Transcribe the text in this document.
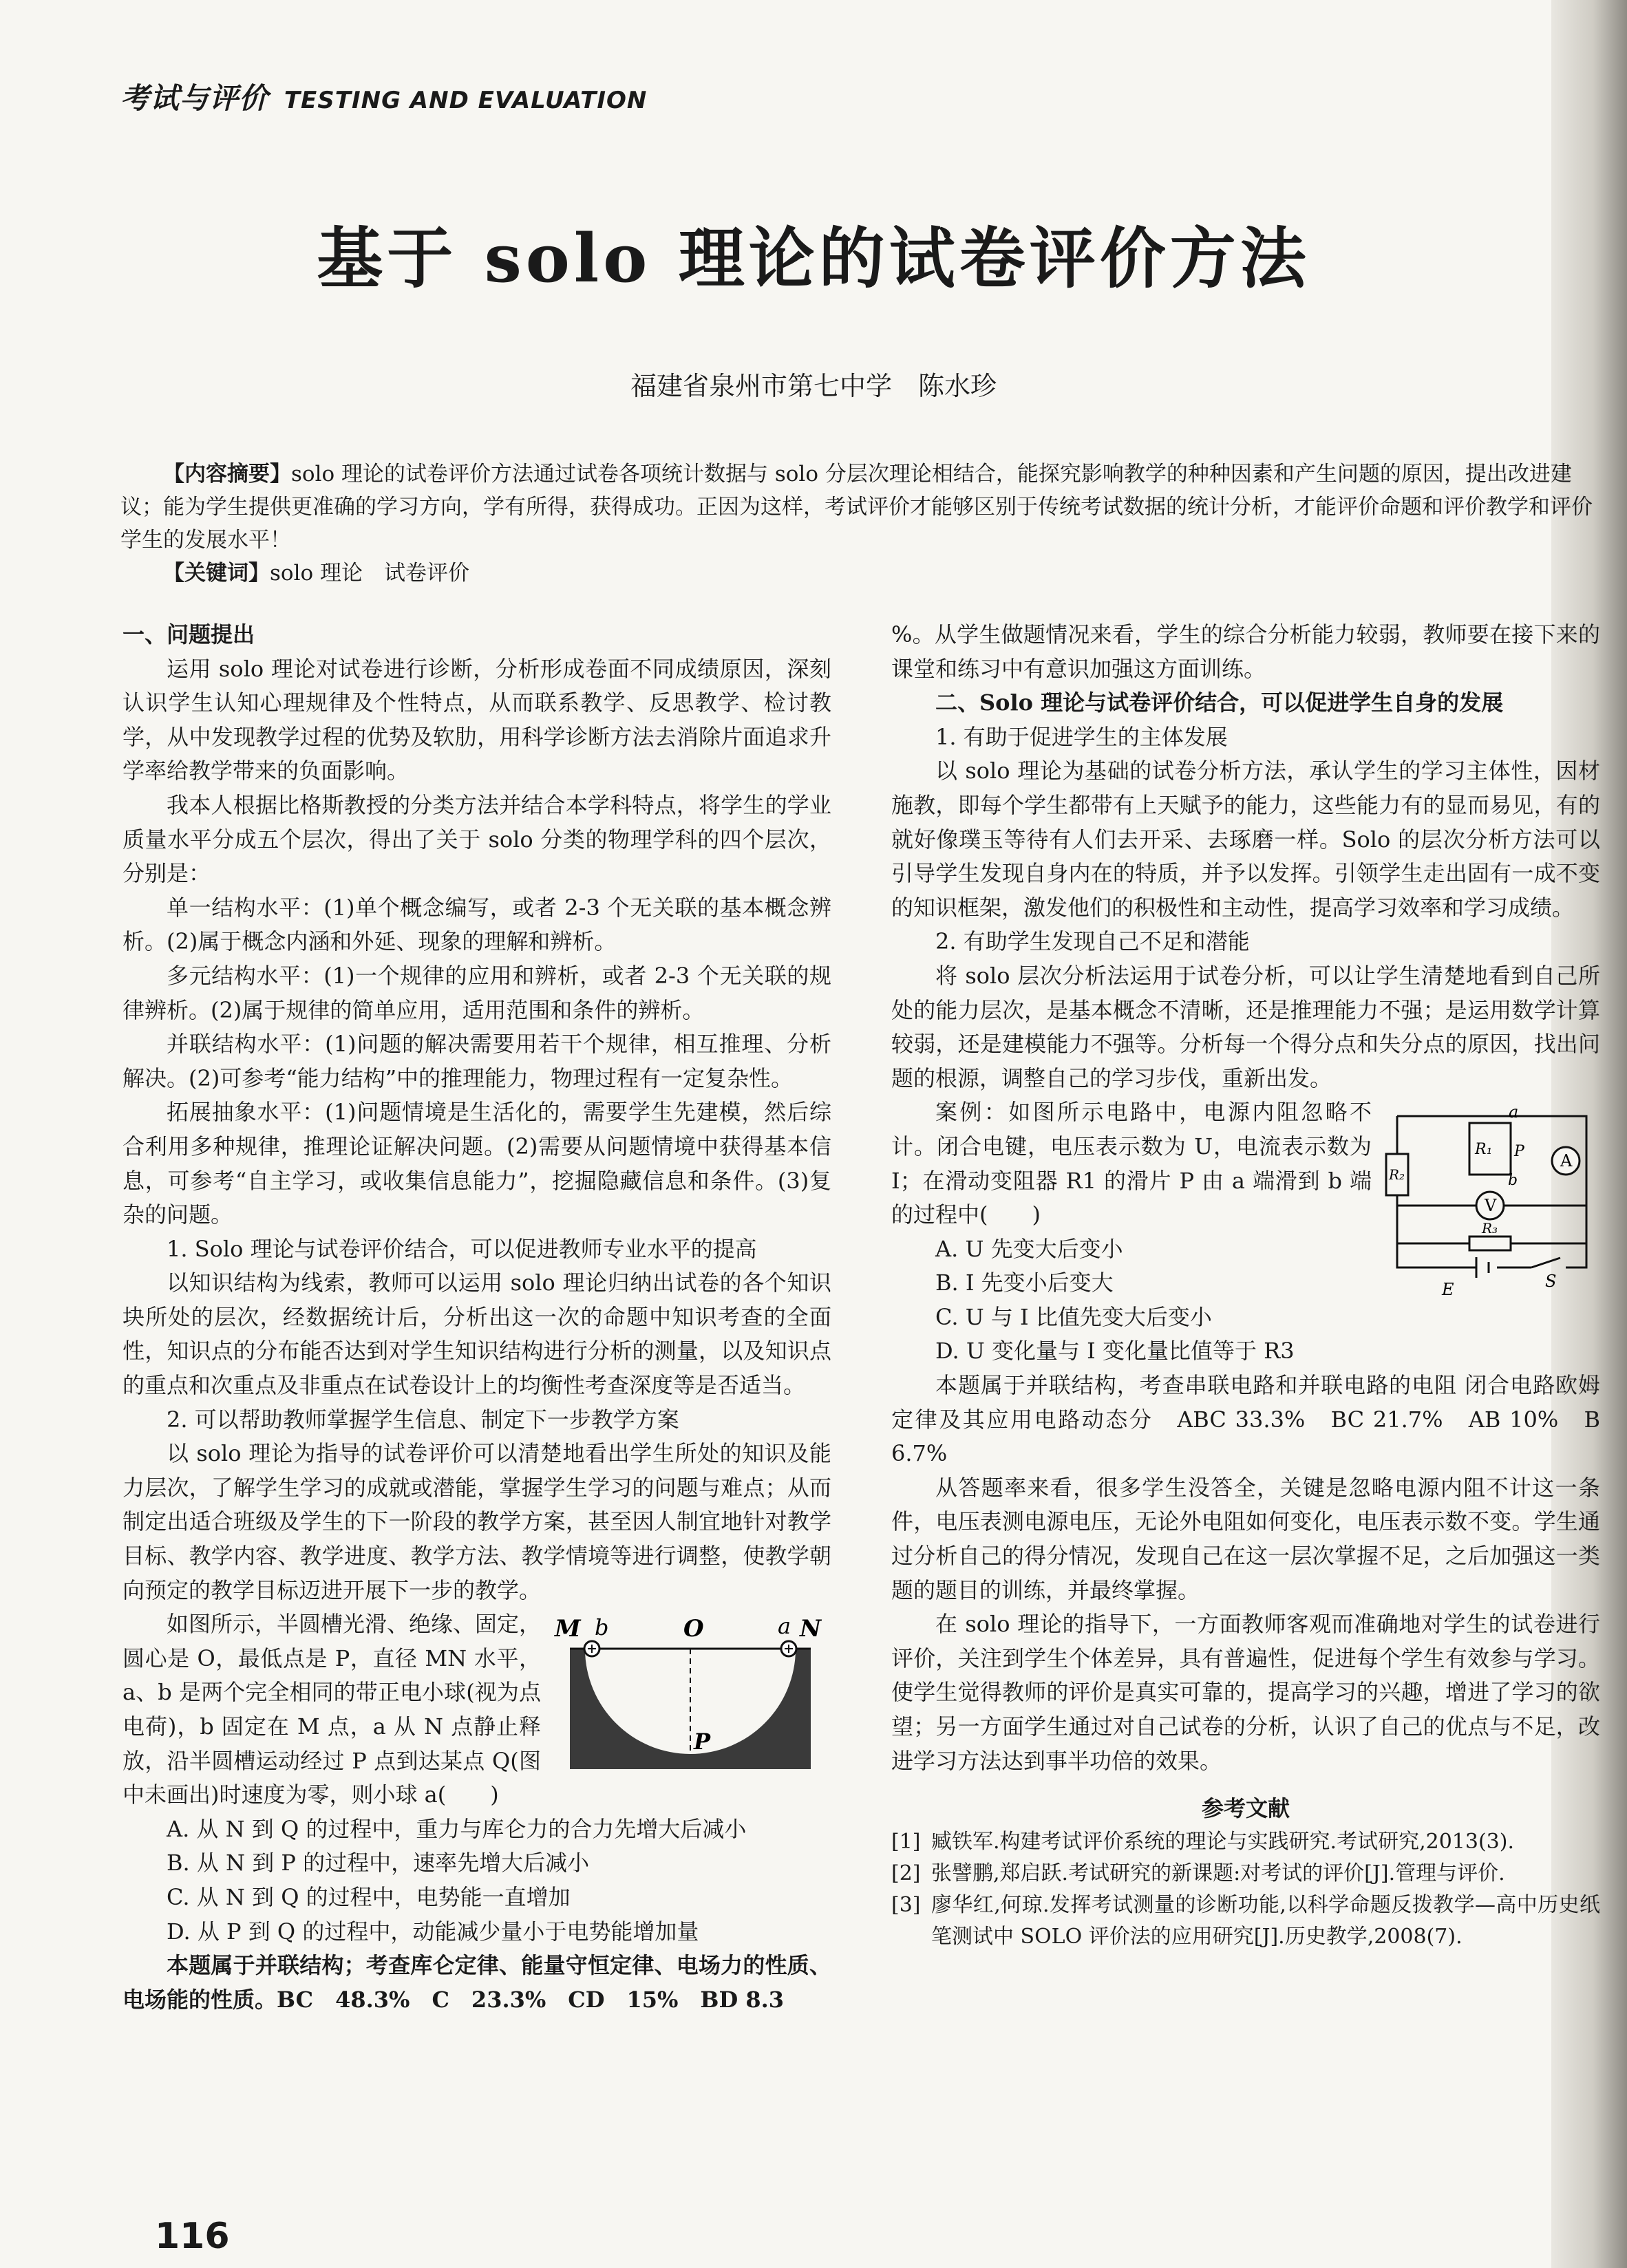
考试与评价 TESTING AND EVALUATION
基于 solo 理论的试卷评价方法
福建省泉州市第七中学　陈水珍

【内容摘要】solo 理论的试卷评价方法通过试卷各项统计数据与 solo 分层次理论相结合，能探究影响教学的种种因素和产生问题的原因，提出改进建议；能为学生提供更准确的学习方向，学有所得，获得成功。正因为这样，考试评价才能够区别于传统考试数据的统计分析，才能评价命题和评价教学和评价学生的发展水平！

【关键词】solo 理论　试卷评价

一、问题提出

运用 solo 理论对试卷进行诊断，分析形成卷面不同成绩原因，深刻认识学生认知心理规律及个性特点，从而联系教学、反思教学、检讨教学，从中发现教学过程的优势及软肋，用科学诊断方法去消除片面追求升学率给教学带来的负面影响。

我本人根据比格斯教授的分类方法并结合本学科特点，将学生的学业质量水平分成五个层次，得出了关于 solo 分类的物理学科的四个层次，分别是：

单一结构水平：(1)单个概念编写，或者 2-3 个无关联的基本概念辨析。(2)属于概念内涵和外延、现象的理解和辨析。

多元结构水平：(1)一个规律的应用和辨析，或者 2-3 个无关联的规律辨析。(2)属于规律的简单应用，适用范围和条件的辨析。

并联结构水平：(1)问题的解决需要用若干个规律，相互推理、分析解决。(2)可参考“能力结构”中的推理能力，物理过程有一定复杂性。

拓展抽象水平：(1)问题情境是生活化的，需要学生先建模，然后综合利用多种规律，推理论证解决问题。(2)需要从问题情境中获得基本信息，可参考“自主学习，或收集信息能力”，挖掘隐藏信息和条件。(3)复杂的问题。

1. Solo 理论与试卷评价结合，可以促进教师专业水平的提高

以知识结构为线索，教师可以运用 solo 理论归纳出试卷的各个知识块所处的层次，经数据统计后，分析出这一次的命题中知识考查的全面性，知识点的分布能否达到对学生知识结构进行分析的测量，以及知识点的重点和次重点及非重点在试卷设计上的均衡性考查深度等是否适当。

2. 可以帮助教师掌握学生信息、制定下一步教学方案

以 solo 理论为指导的试卷评价可以清楚地看出学生所处的知识及能力层次，了解学生学习的成就或潜能，掌握学生学习的问题与难点；从而制定出适合班级及学生的下一阶段的教学方案，甚至因人制宜地针对教学目标、教学内容、教学进度、教学方法、教学情境等进行调整，使教学朝向预定的教学目标迈进开展下一步的教学。

M b	O	a N
P

如图所示，半圆槽光滑、绝缘、固定，圆心是 O，最低点是 P，直径 MN 水平，a、b 是两个完全相同的带正电小球(视为点电荷)，b 固定在 M 点，a 从 N 点静止释放，沿半圆槽运动经过 P 点到达某点 Q(图中未画出)时速度为零，则小球 a(　　)

A. 从 N 到 Q 的过程中，重力与库仑力的合力先增大后减小

B. 从 N 到 P 的过程中，速率先增大后减小

C. 从 N 到 Q 的过程中，电势能一直增加

D. 从 P 到 Q 的过程中，动能减少量小于电势能增加量

本题属于并联结构；考查库仑定律、能量守恒定律、电场力的性质、电场能的性质。BC　48.3%　C　23.3%　CD　15%　BD 8.3

%。从学生做题情况来看，学生的综合分析能力较弱，教师要在接下来的课堂和练习中有意识加强这方面训练。

二、Solo 理论与试卷评价结合，可以促进学生自身的发展

1. 有助于促进学生的主体发展

以 solo 理论为基础的试卷分析方法，承认学生的学习主体性，因材施教，即每个学生都带有上天赋予的能力，这些能力有的显而易见，有的就好像璞玉等待有人们去开采、去琢磨一样。Solo 的层次分析方法可以引导学生发现自身内在的特质，并予以发挥。引领学生走出固有一成不变的知识框架，激发他们的积极性和主动性，提高学习效率和学习成绩。

2. 有助学生发现自己不足和潜能

将 solo 层次分析法运用于试卷分析，可以让学生清楚地看到自己所处的能力层次，是基本概念不清晰，还是推理能力不强；是运用数学计算较弱，还是建模能力不强等。分析每一个得分点和失分点的原因，找出问题的根源，调整自己的学习步伐，重新出发。

a
R₁ P
b
R₂
V
A
R₃
E	S

案例：如图所示电路中，电源内阻忽略不计。闭合电键，电压表示数为 U，电流表示数为 I；在滑动变阻器 R1 的滑片 P 由 a 端滑到 b 端的过程中(　　)

A. U 先变大后变小

B. I 先变小后变大

C. U 与 I 比值先变大后变小

D. U 变化量与 I 变化量比值等于 R3

本题属于并联结构，考查串联电路和并联电路的电阻 闭合电路欧姆定律及其应用电路动态分　ABC 33.3%　BC 21.7%　AB 10%　B 6.7%

从答题率来看，很多学生没答全，关键是忽略电源内阻不计这一条件，电压表测电源电压，无论外电阻如何变化，电压表示数不变。学生通过分析自己的得分情况，发现自己在这一层次掌握不足，之后加强这一类题的题目的训练，并最终掌握。

在 solo 理论的指导下，一方面教师客观而准确地对学生的试卷进行评价，关注到学生个体差异，具有普遍性，促进每个学生有效参与学习。使学生觉得教师的评价是真实可靠的，提高学习的兴趣，增进了学习的欲望；另一方面学生通过对自己试卷的分析，认识了自己的优点与不足，改进学习方法达到事半功倍的效果。

参考文献

[1] 臧铁军.构建考试评价系统的理论与实践研究.考试研究,2013(3).

[2] 张譬鹏,郑启跃.考试研究的新课题:对考试的评价[J].管理与评价.

[3] 廖华红,何琼.发挥考试测量的诊断功能,以科学命题反拨教学—高中历史纸笔测试中 SOLO 评价法的应用研究[J].历史教学,2008(7).

116
